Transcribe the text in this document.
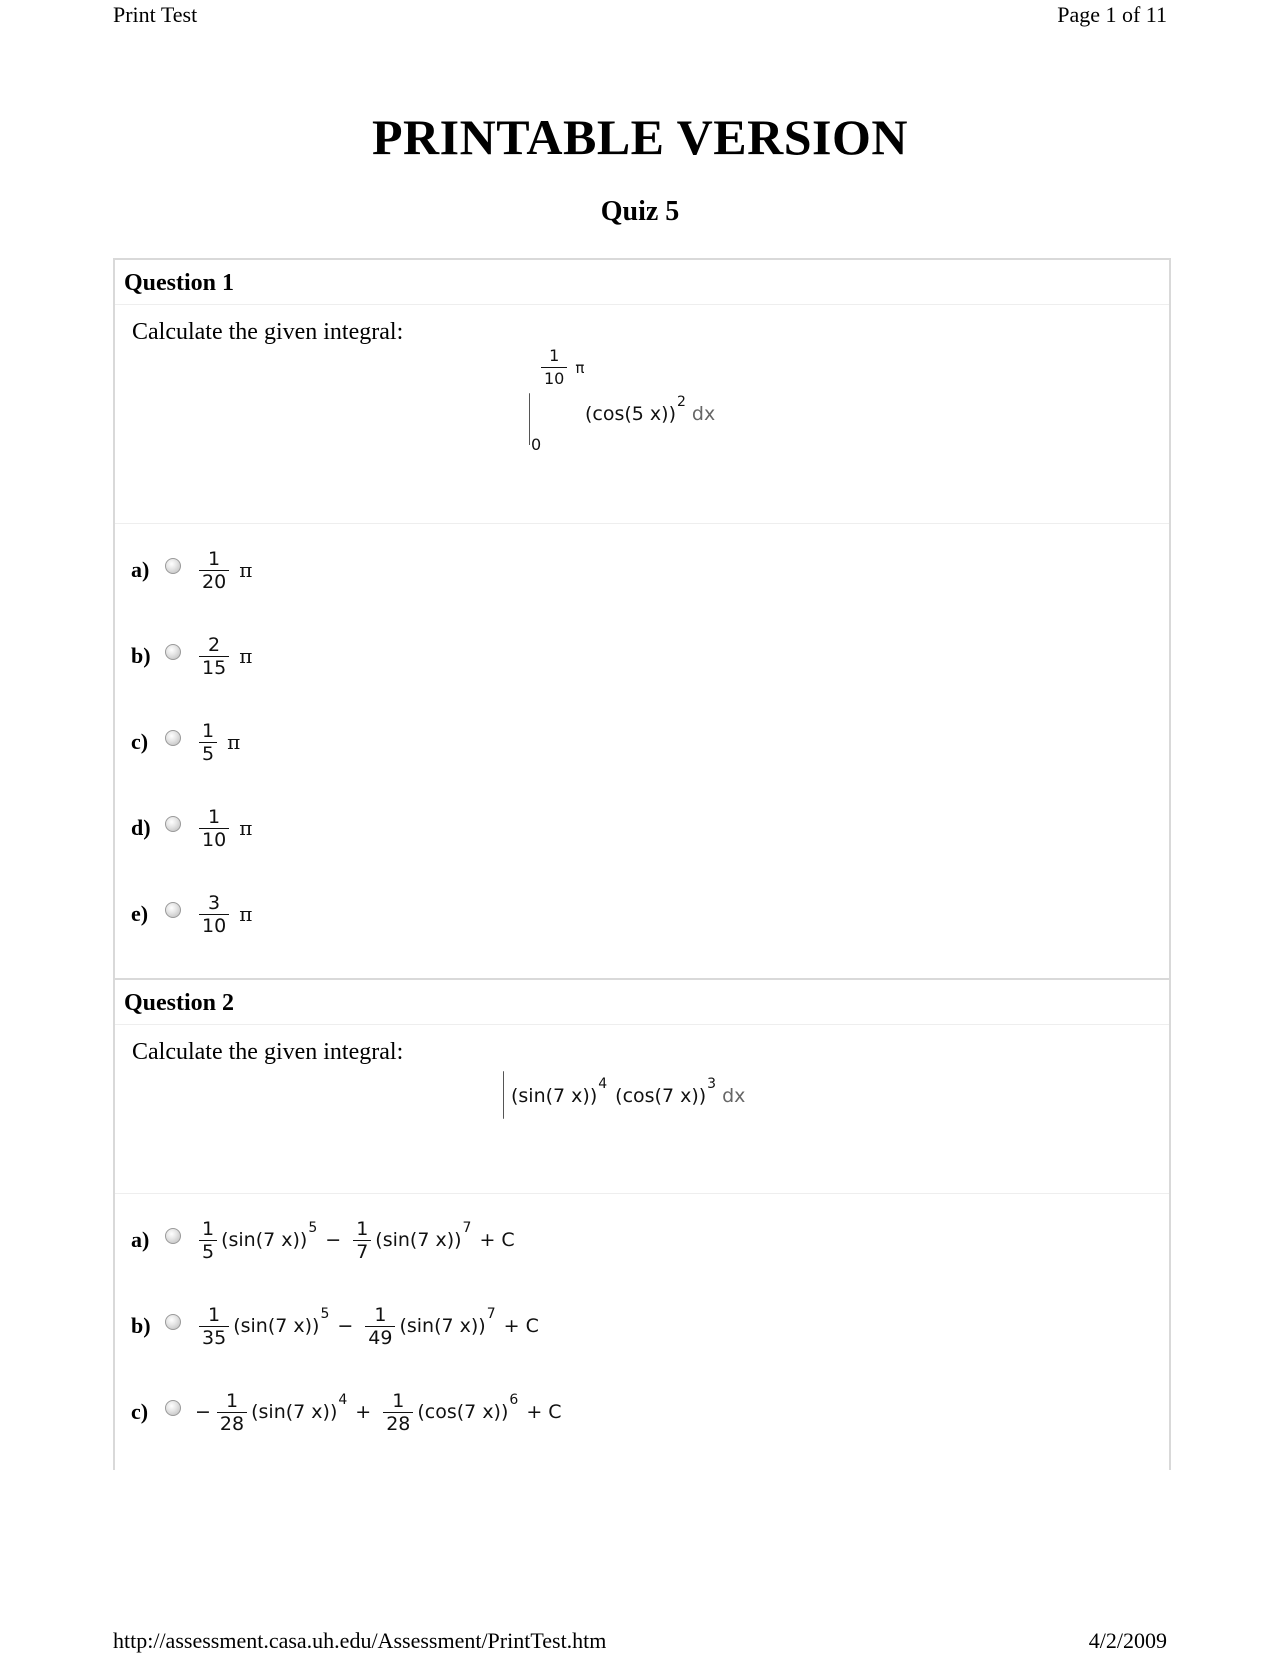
Print Test	Page 1 of 11
PRINTABLE VERSION
Quiz 5
Question 1
Calculate the given integral:
$\frac{1}{10}$ π
0
(cos(5 x))
2
dx
a)	$\frac{1}{20}$ π
b)	$\frac{2}{15}$ π
c)	$\frac{1}{5}$ π
d)	$\frac{1}{10}$ π
e)	$\frac{3}{10}$ π
Question 2
Calculate the given integral:
(sin(7 x))
4
(cos(7 x))
3
dx
a)	$\frac{1}{5} (\sin(7$ x))
5
− $\frac{1}{7} (\sin(7$ x))
7
+ C
b)	$\frac{1}{35} (\sin(7$ x))
5
− $\frac{1}{49} (\sin(7$ x))
7
+ C
c)	− $\frac{1}{28} (\sin(7$ x))
4
+ $\frac{1}{28} (\cos(7$ x))
6
+ C
http://assessment.casa.uh.edu/Assessment/PrintTest.htm	4/2/2009
